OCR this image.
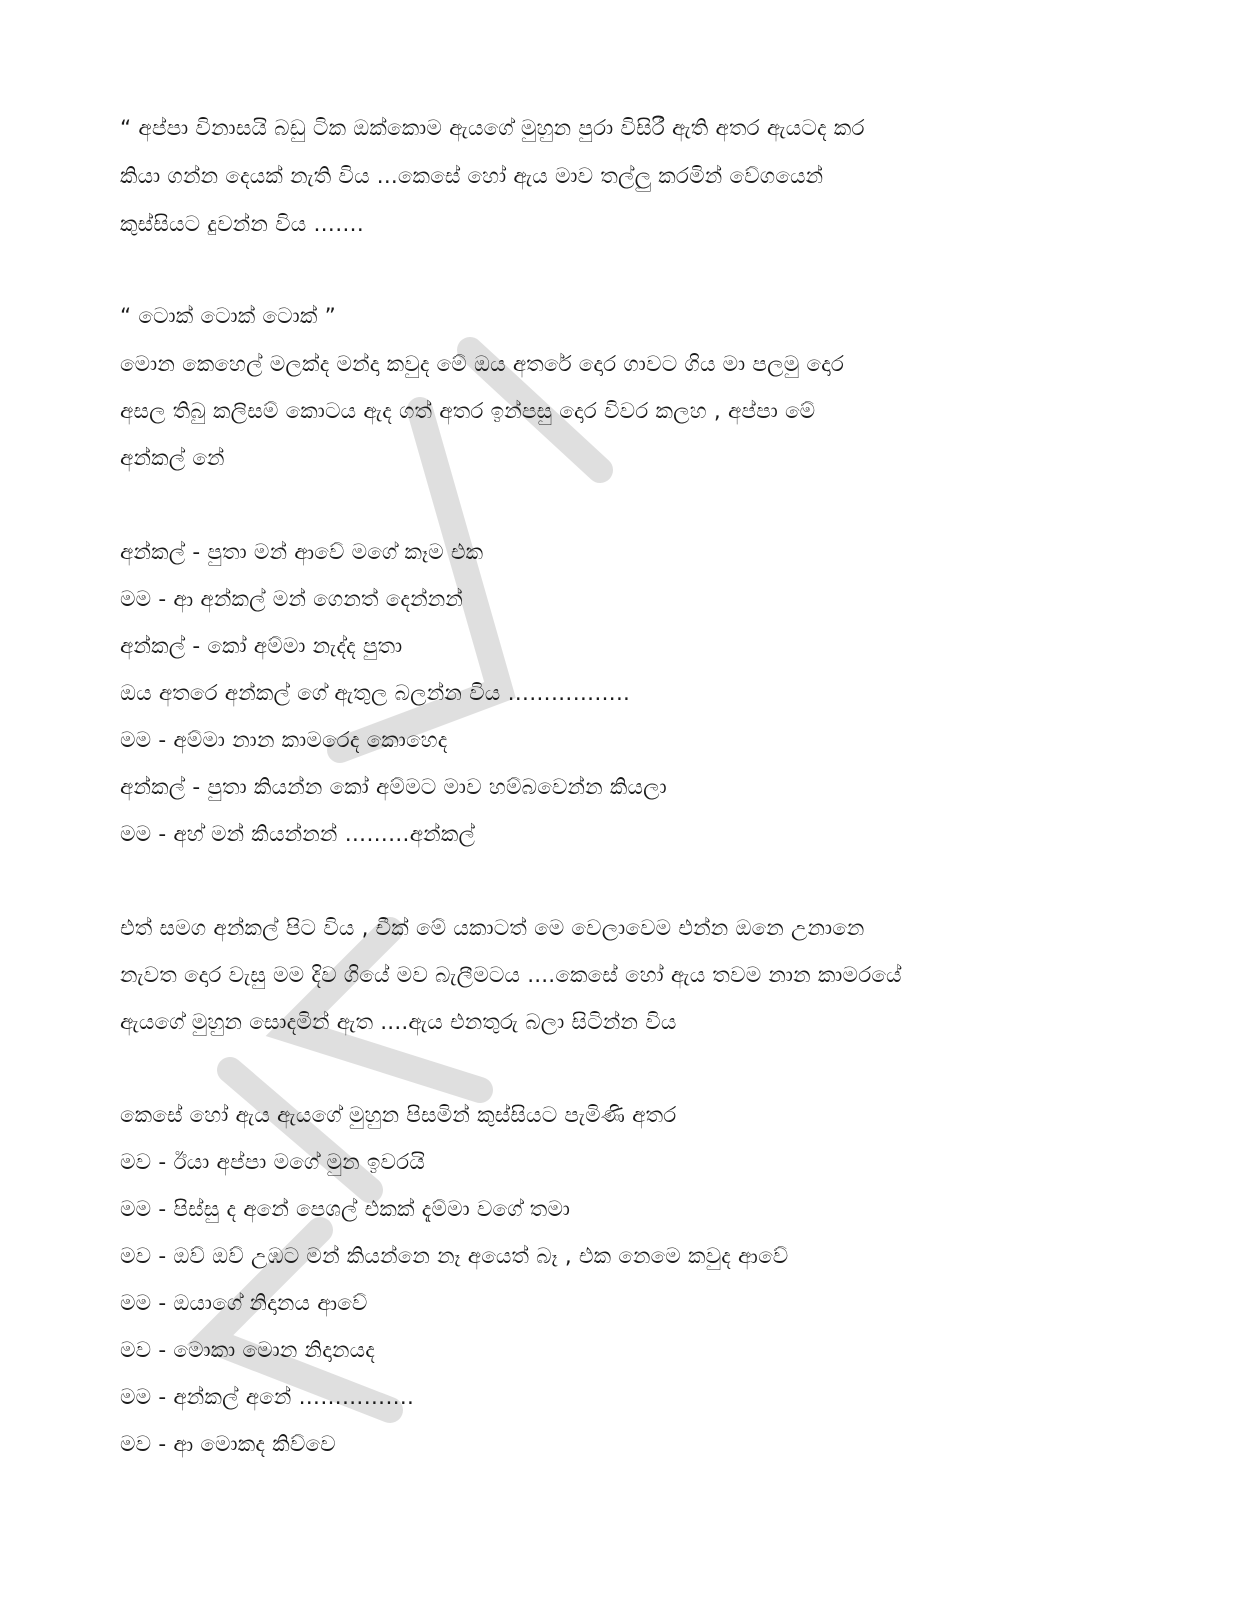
“ අප්පා විනාසයි බඩු ටික ඔක්කොම ඇයගේ මුහුන පුරා විසිරී ඇති අතර ඇයටද කර
කියා ගන්න දෙයක් නැති විය ...කෙසේ හෝ ඇය මාව තල්ලු කරමින් වේගයෙන්
කුස්සියට දුවන්න විය …….
“ ටොක් ටොක් ටොක් ”
මොන කෙහෙල් මලක්ද මන්දා කවුද මේ ඔය අතරේ දොර ගාවට ගිය මා පලමු දොර
අසල තිබු කලිසම් කොටය ඇද ගත් අතර ඉන්පසු දොර විවර කලහ , අප්පා මේ
අන්කල් නේ
අන්කල් - පුතා මන් ආවේ මගේ කෑම එක
මම - ආ අන්කල් මන් ගෙනත් දෙන්නන්
අන්කල් - කෝ අම්මා නැද්ද පුතා
ඔය අතරෙ අන්කල් ගේ ඇතුල බලන්න විය ……………..
මම - අම්මා නාන කාමරෙද කොහෙද
අන්කල් - පුතා කියන්න කෝ අම්මට මාව හම්බවෙන්න කියලා
මම - අහ් මන් කියන්නන් ………අන්කල්
එත් සමග අන්කල් පිට විය , චීක් මේ යකාටත් මෙ වෙලාවෙම එන්න ඔනෙ උනානෙ
නැවත දොර වැසු මම දිව ගියේ මව බැලීමටය ....කෙසේ හෝ ඇය තවම නාන කාමරයේ
ඇයගේ මුහුන සොදමින් ඇත ....ඇය එනතුරු බලා සිටින්න විය
කෙසේ හෝ ඇය ඇයගේ මුහුන පිසමින් කුස්සියට පැමිණි අතර
මව - ඊයා අප්පා මගේ මුන ඉවරයි
මම - පිස්සු ද අනේ පෙශල් එකක් දැම්මා වගේ තමා
මව - ඔව් ඔව් උඹට මන් කියන්නෙ නෑ අයෙත් බෑ , එක නෙමෙ කවුද ආවේ
මම - ඔයාගේ නිදානය ආවේ
මව - මොකා මොන නිදානයද
මම - අන්කල් අනේ …………….
මව - ආ මොකද කිව්වෙ
